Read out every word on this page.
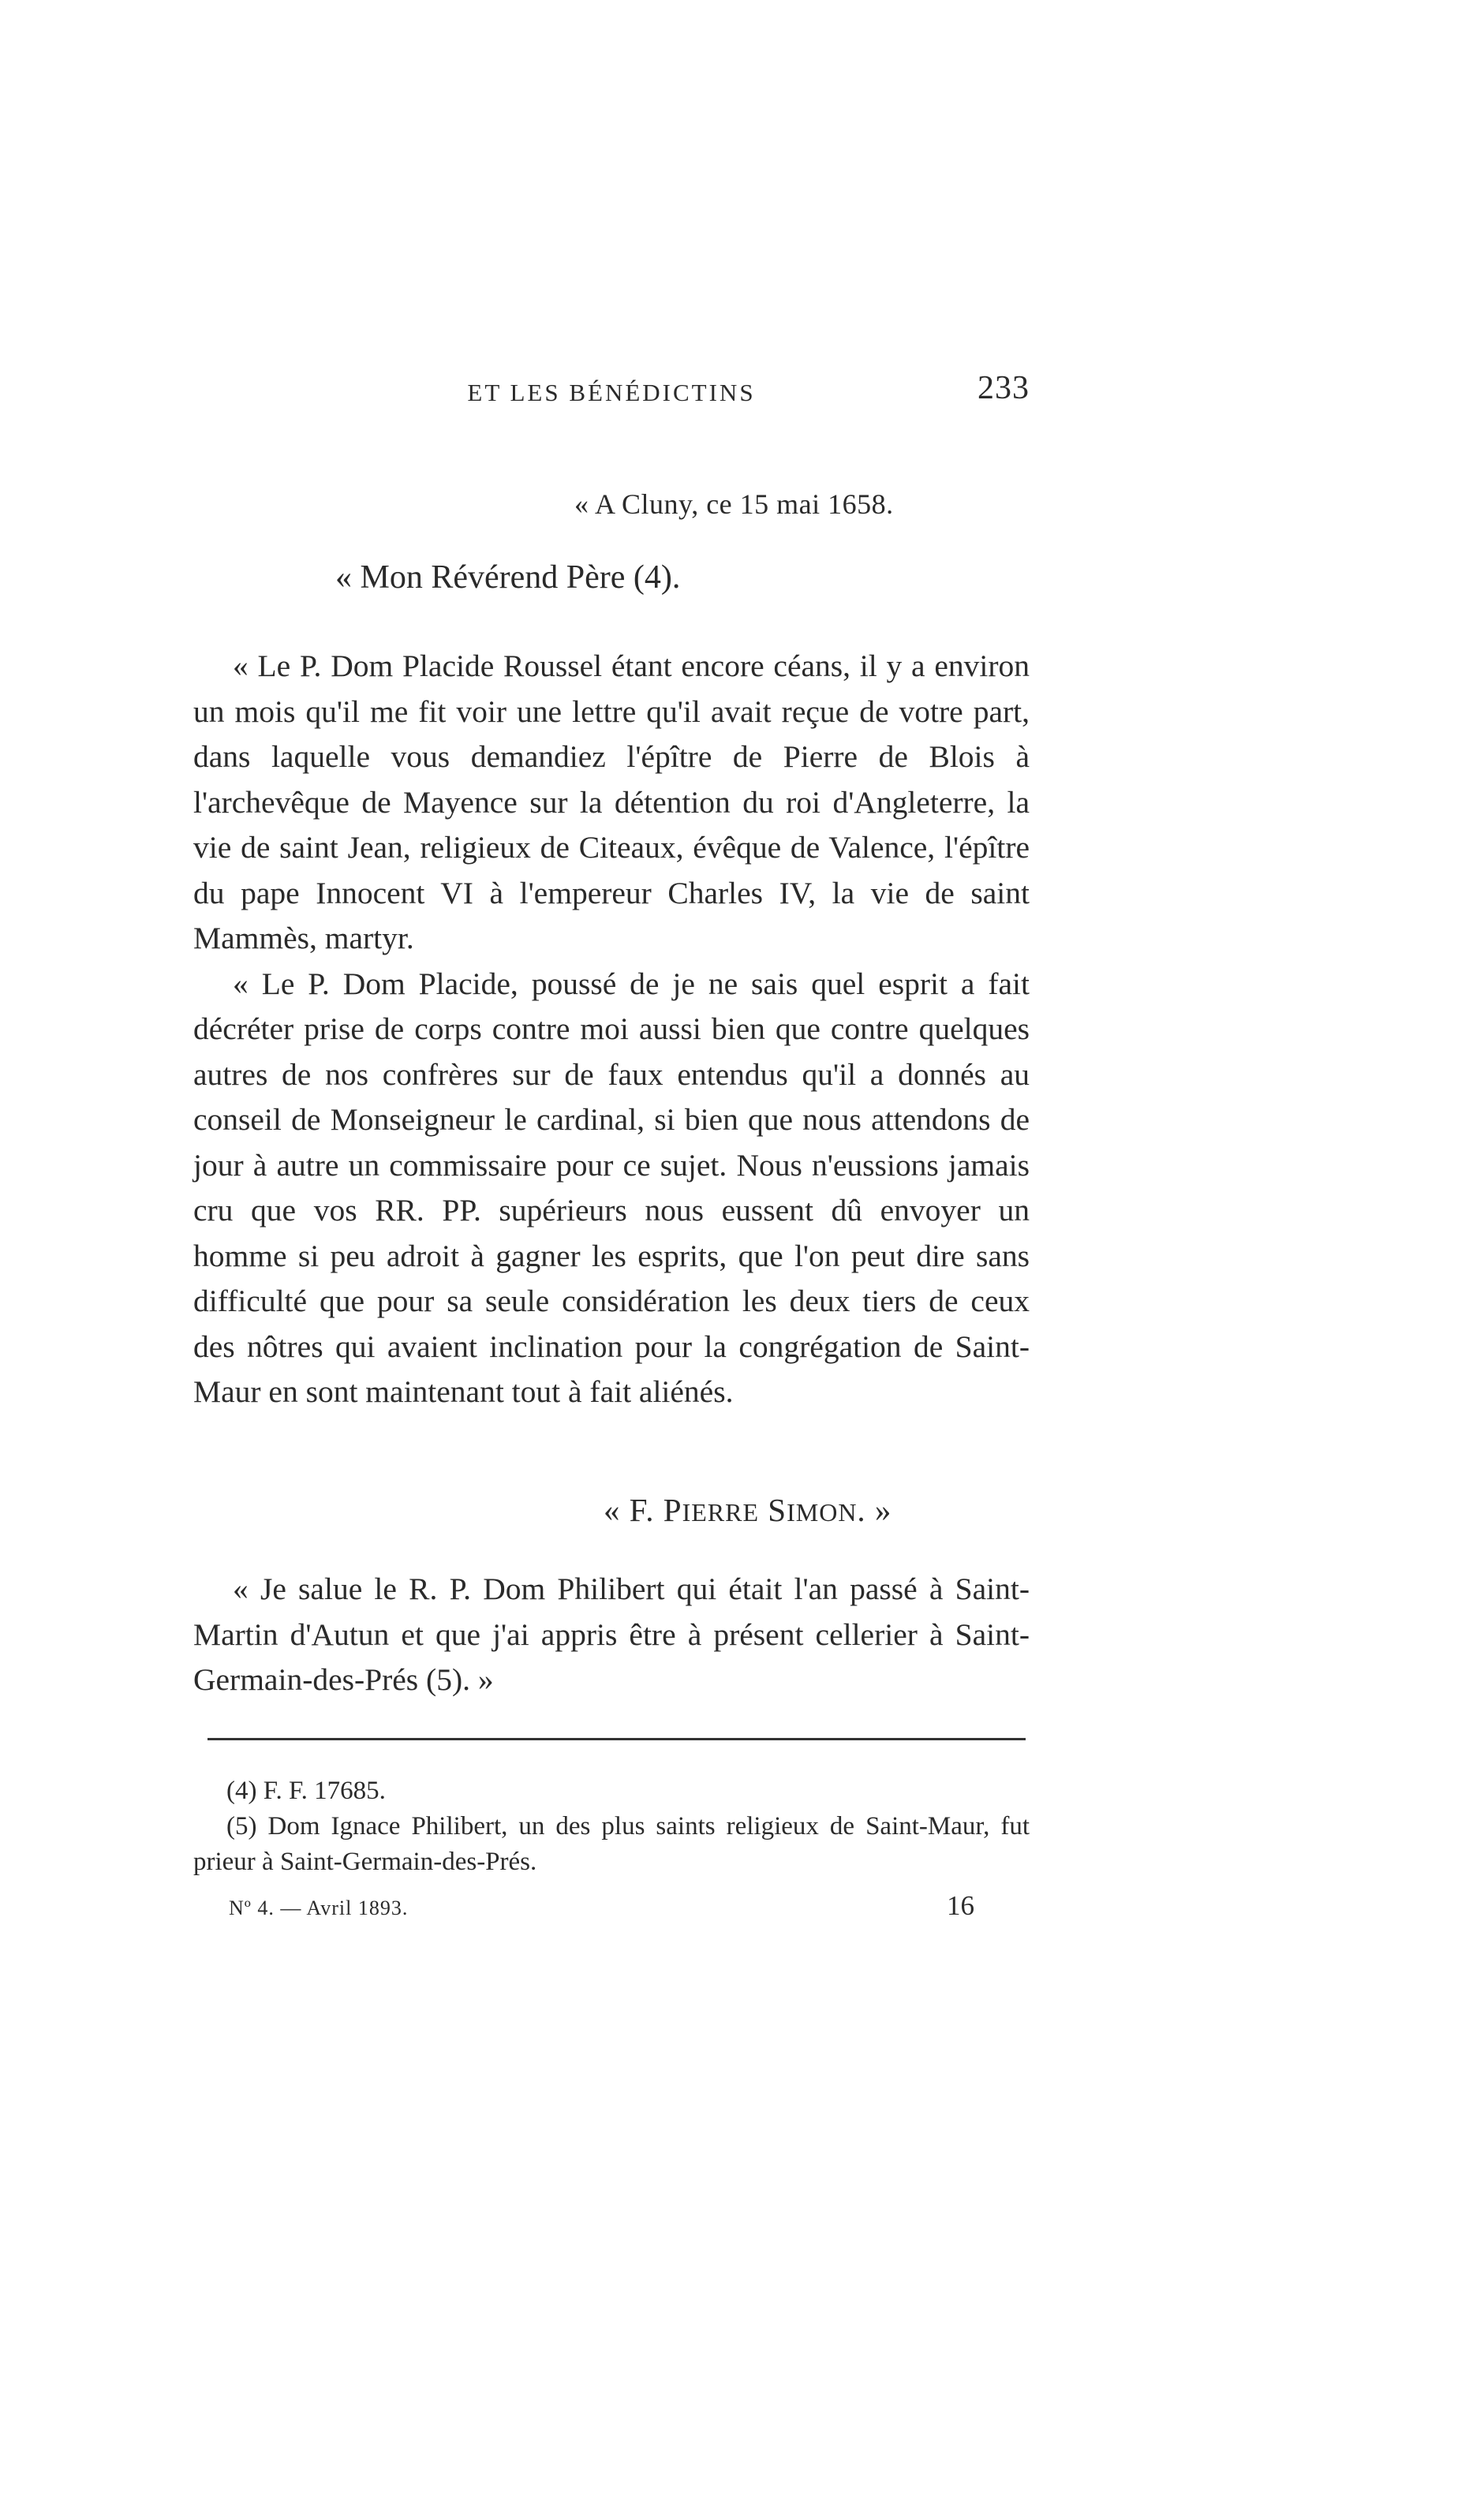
ET LES BÉNÉDICTINS	233
« A Cluny, ce 15 mai 1658.
« Mon Révérend Père (4).

« Le P. Dom Placide Roussel étant encore céans, il y a environ un mois qu'il me fit voir une lettre qu'il avait reçue de votre part, dans laquelle vous demandiez l'épître de Pierre de Blois à l'archevêque de Mayence sur la détention du roi d'Angleterre, la vie de saint Jean, religieux de Citeaux, évêque de Valence, l'épître du pape Innocent VI à l'empereur Charles IV, la vie de saint Mammès, martyr.

« Le P. Dom Placide, poussé de je ne sais quel esprit a fait décréter prise de corps contre moi aussi bien que contre quelques autres de nos confrères sur de faux entendus qu'il a donnés au conseil de Monseigneur le cardinal, si bien que nous attendons de jour à autre un commissaire pour ce sujet. Nous n'eussions jamais cru que vos RR. PP. supérieurs nous eussent dû envoyer un homme si peu adroit à gagner les esprits, que l'on peut dire sans difficulté que pour sa seule considération les deux tiers de ceux des nôtres qui avaient inclination pour la congrégation de Saint-Maur en sont maintenant tout à fait aliénés.

« F. PIERRE SIMON. »

« Je salue le R. P. Dom Philibert qui était l'an passé à Saint-Martin d'Autun et que j'ai appris être à présent cellerier à Saint-Germain-des-Prés (5). »

(4) F. F. 17685.

(5) Dom Ignace Philibert, un des plus saints religieux de Saint-Maur, fut prieur à Saint-Germain-des-Prés.

Nº 4. — Avril 1893.	16
